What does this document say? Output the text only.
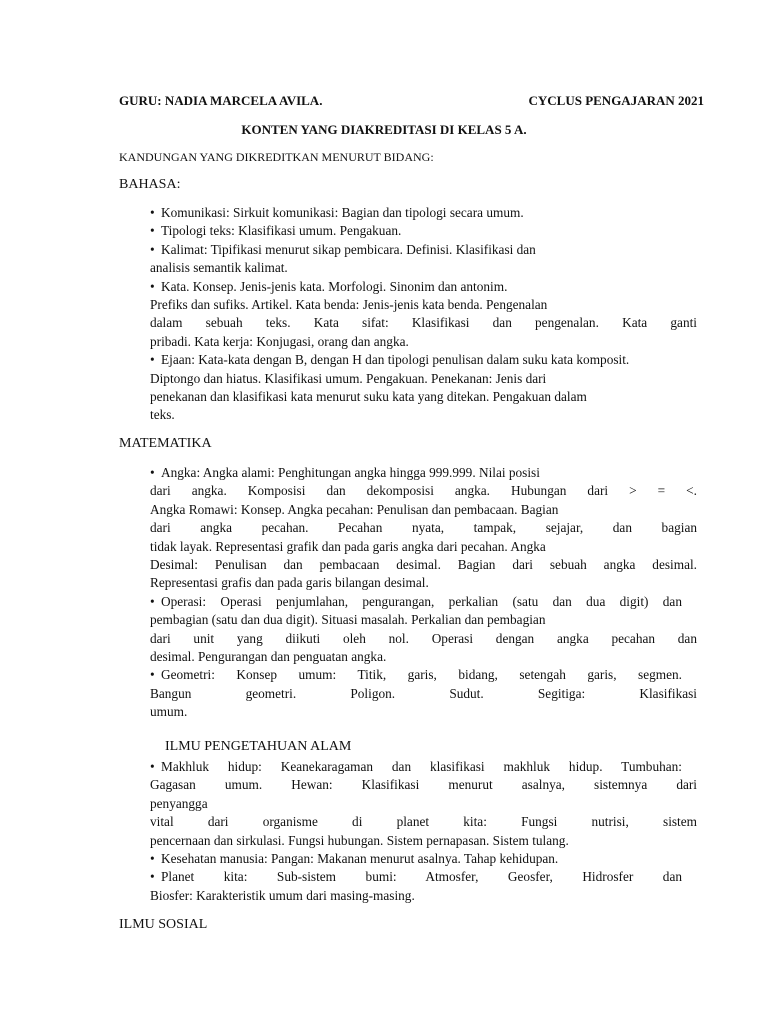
GURU: NADIA MARCELA AVILA.	CYCLUS PENGAJARAN 2021
KONTEN YANG DIAKREDITASI DI KELAS 5 A.
KANDUNGAN YANG DIKREDITKAN MENURUT BIDANG:
BAHASA:
• Komunikasi: Sirkuit komunikasi: Bagian dan tipologi secara umum.
• Tipologi teks: Klasifikasi umum. Pengakuan.
• Kalimat: Tipifikasi menurut sikap pembicara. Definisi. Klasifikasi dan
analisis semantik kalimat.
• Kata. Konsep. Jenis-jenis kata. Morfologi. Sinonim dan antonim.
Prefiks dan sufiks. Artikel. Kata benda: Jenis-jenis kata benda. Pengenalan
dalam sebuah teks. Kata sifat: Klasifikasi dan pengenalan. Kata ganti
pribadi. Kata kerja: Konjugasi, orang dan angka.
• Ejaan: Kata-kata dengan B, dengan H dan tipologi penulisan dalam suku kata komposit.
Diptongo dan hiatus. Klasifikasi umum. Pengakuan. Penekanan: Jenis dari
penekanan dan klasifikasi kata menurut suku kata yang ditekan. Pengakuan dalam
teks.
MATEMATIKA
• Angka: Angka alami: Penghitungan angka hingga 999.999. Nilai posisi
dari angka. Komposisi dan dekomposisi angka. Hubungan dari > = <.
Angka Romawi: Konsep. Angka pecahan: Penulisan dan pembacaan. Bagian
dari angka pecahan. Pecahan nyata, tampak, sejajar, dan bagian
tidak layak. Representasi grafik dan pada garis angka dari pecahan. Angka
Desimal: Penulisan dan pembacaan desimal. Bagian dari sebuah angka desimal.
Representasi grafis dan pada garis bilangan desimal.
• Operasi: Operasi penjumlahan, pengurangan, perkalian (satu dan dua digit) dan
pembagian (satu dan dua digit). Situasi masalah. Perkalian dan pembagian
dari unit yang diikuti oleh nol. Operasi dengan angka pecahan dan
desimal. Pengurangan dan penguatan angka.
• Geometri: Konsep umum: Titik, garis, bidang, setengah garis, segmen.
Bangun geometri. Poligon. Sudut. Segitiga: Klasifikasi
umum.
ILMU PENGETAHUAN ALAM
• Makhluk hidup: Keanekaragaman dan klasifikasi makhluk hidup. Tumbuhan:
Gagasan umum. Hewan: Klasifikasi menurut asalnya, sistemnya dari
penyangga
vital dari organisme di planet kita: Fungsi nutrisi, sistem
pencernaan dan sirkulasi. Fungsi hubungan. Sistem pernapasan. Sistem tulang.
• Kesehatan manusia: Pangan: Makanan menurut asalnya. Tahap kehidupan.
• Planet kita: Sub-sistem bumi: Atmosfer, Geosfer, Hidrosfer dan
Biosfer: Karakteristik umum dari masing-masing.
ILMU SOSIAL
